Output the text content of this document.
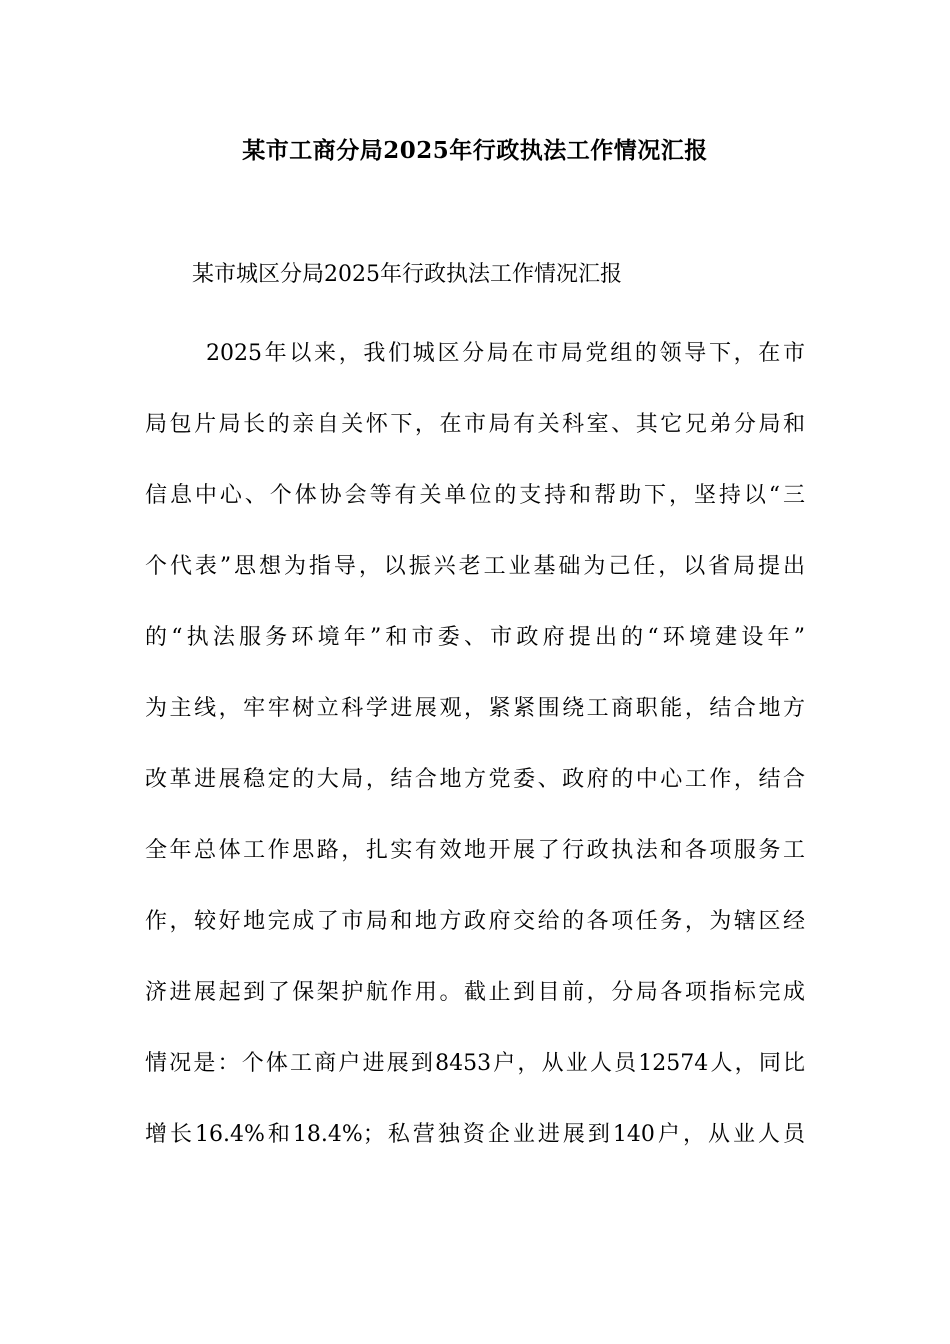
某市工商分局2025年行政执法工作情况汇报
某市城区分局2025年行政执法工作情况汇报
2025年以来，我们城区分局在市局党组的领导下，在市
局包片局长的亲自关怀下，在市局有关科室、其它兄弟分局和
信息中心、个体协会等有关单位的支持和帮助下，坚持以“三
个代表”思想为指导，以振兴老工业基础为己任，以省局提出
的“执法服务环境年”和市委、市政府提出的“环境建设年”
为主线，牢牢树立科学进展观，紧紧围绕工商职能，结合地方
改革进展稳定的大局，结合地方党委、政府的中心工作，结合
全年总体工作思路，扎实有效地开展了行政执法和各项服务工
作，较好地完成了市局和地方政府交给的各项任务，为辖区经
济进展起到了保架护航作用。截止到目前，分局各项指标完成
情况是：个体工商户进展到8453户，从业人员12574人，同比
增长16.4%和18.4%；私营独资企业进展到140户，从业人员
